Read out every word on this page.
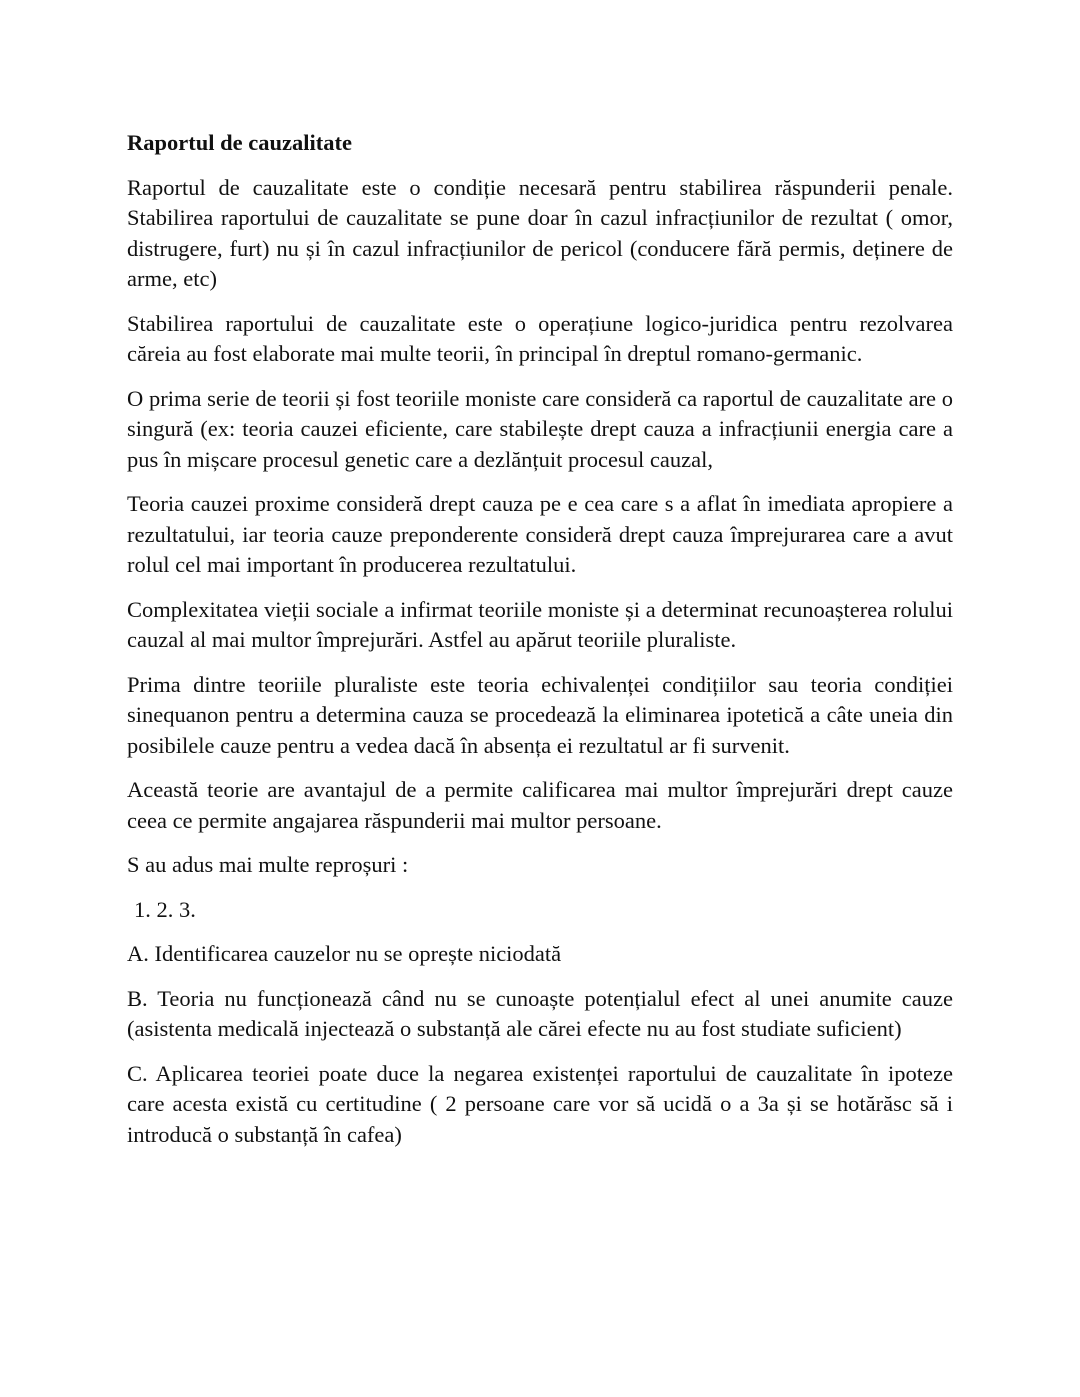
Raportul de cauzalitate

Raportul de cauzalitate este o condiție necesară pentru stabilirea răspunderii penale. Stabilirea raportului de cauzalitate se pune doar în cazul infracțiunilor de rezultat ( omor, distrugere, furt) nu și în cazul infracțiunilor de pericol (conducere fără permis, deținere de arme, etc)

Stabilirea raportului de cauzalitate este o operațiune logico-juridica pentru rezolvarea căreia au fost elaborate mai multe teorii, în principal în dreptul romano-germanic.

O prima serie de teorii și fost teoriile moniste care consideră ca raportul de cauzalitate are o singură (ex: teoria cauzei eficiente, care stabilește drept cauza a infracțiunii energia care a pus în mișcare procesul genetic care a dezlănțuit procesul cauzal,

Teoria cauzei proxime consideră drept cauza pe e cea care s a aflat în imediata apropiere a rezultatului, iar teoria cauze preponderente consideră drept cauza împrejurarea care a avut rolul cel mai important în producerea rezultatului.

Complexitatea vieții sociale a infirmat teoriile moniste și a determinat recunoașterea rolului cauzal al mai multor împrejurări. Astfel au apărut teoriile pluraliste.

Prima dintre teoriile pluraliste este teoria echivalenței condițiilor sau teoria condiției sinequanon pentru a determina cauza se procedează la eliminarea ipotetică a câte uneia din posibilele cauze pentru a vedea dacă în absența ei rezultatul ar fi survenit.

Această teorie are avantajul de a permite calificarea mai multor împrejurări drept cauze ceea ce permite angajarea răspunderii mai multor persoane.

S au adus mai multe reproșuri :

1. 2. 3.

A. Identificarea cauzelor nu se oprește niciodată

B. Teoria nu funcționează când nu se cunoaște potențialul efect al unei anumite cauze (asistenta medicală injectează o substanță ale cărei efecte nu au fost studiate suficient)

C. Aplicarea teoriei poate duce la negarea existenței raportului de cauzalitate în ipoteze care acesta există cu certitudine ( 2 persoane care vor să ucidă o a 3a și se hotărăsc să i introducă o substanță în cafea)
